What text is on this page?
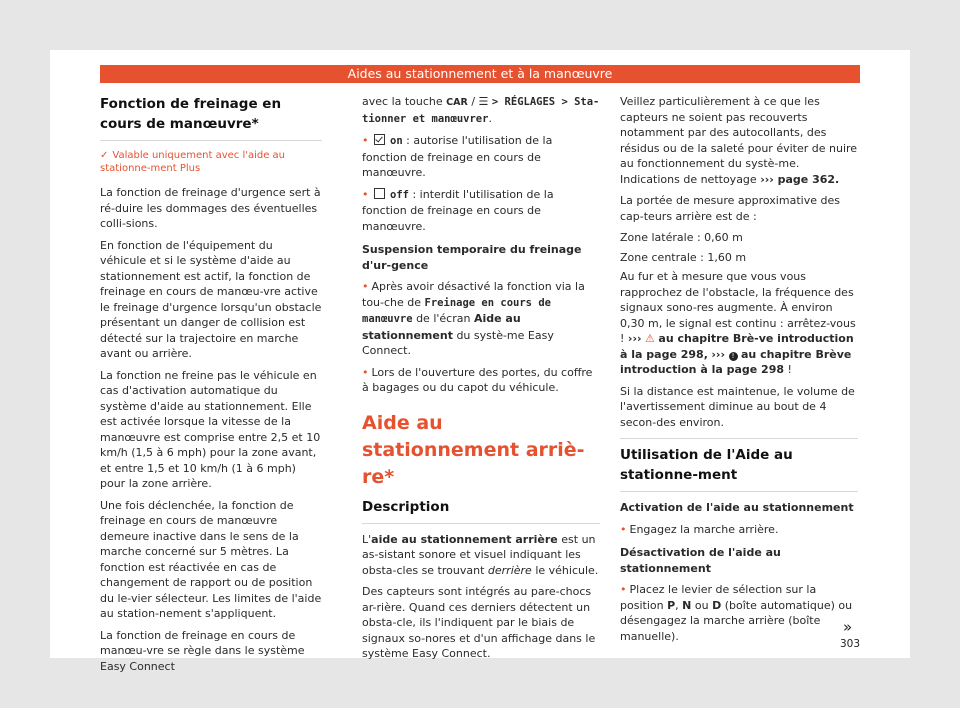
Aides au stationnement et à la manœuvre
Fonction de freinage en cours de manœuvre*

✓ Valable uniquement avec l'aide au stationne-ment Plus

La fonction de freinage d'urgence sert à ré-duire les dommages des éventuelles colli-sions.

En fonction de l'équipement du véhicule et si le système d'aide au stationnement est actif, la fonction de freinage en cours de manœu-vre active le freinage d'urgence lorsqu'un obstacle présentant un danger de collision est détecté sur la trajectoire en marche avant ou arrière.

La fonction ne freine pas le véhicule en cas d'activation automatique du système d'aide au stationnement. Elle est activée lorsque la vitesse de la manœuvre est comprise entre 2,5 et 10 km/h (1,5 à 6 mph) pour la zone avant, et entre 1,5 et 10 km/h (1 à 6 mph) pour la zone arrière.

Une fois déclenchée, la fonction de freinage en cours de manœuvre demeure inactive dans le sens de la marche concerné sur 5 mètres. La fonction est réactivée en cas de changement de rapport ou de position du le-vier sélecteur. Les limites de l'aide au station-nement s'appliquent.

La fonction de freinage en cours de manœu-vre se règle dans le système Easy Connect

avec la touche CAR / ☰ > RÉGLAGES > Sta-tionner et manœuvrer.

• on : autorise l'utilisation de la fonction de freinage en cours de manœuvre.

• off : interdit l'utilisation de la fonction de freinage en cours de manœuvre.

Suspension temporaire du freinage d'ur-gence

• Après avoir désactivé la fonction via la tou-che de Freinage en cours de manœuvre de l'écran Aide au stationnement du systè-me Easy Connect.

• Lors de l'ouverture des portes, du coffre à bagages ou du capot du véhicule.

Aide au stationnement arriè-re*
Description

L'aide au stationnement arrière est un as-sistant sonore et visuel indiquant les obsta-cles se trouvant derrière le véhicule.

Des capteurs sont intégrés au pare-chocs ar-rière. Quand ces derniers détectent un obsta-cle, ils l'indiquent par le biais de signaux so-nores et d'un affichage dans le système Easy Connect.

Veillez particulièrement à ce que les capteurs ne soient pas recouverts notamment par des autocollants, des résidus ou de la saleté pour éviter de nuire au fonctionnement du systè-me. Indications de nettoyage ››› page 362.

La portée de mesure approximative des cap-teurs arrière est de :

Zone latérale : 0,60 m

Zone centrale : 1,60 m

Au fur et à mesure que vous vous rapprochez de l'obstacle, la fréquence des signaux sono-res augmente. À environ 0,30 m, le signal est continu : arrêtez-vous ! ››› ⚠ au chapitre Brè-ve introduction à la page 298, ››› ! au chapitre Brève introduction à la page 298 !

Si la distance est maintenue, le volume de l'avertissement diminue au bout de 4 secon-des environ.

Utilisation de l'Aide au stationne-ment

Activation de l'aide au stationnement

• Engagez la marche arrière.

Désactivation de l'aide au stationnement

• Placez le levier de sélection sur la position P, N ou D (boîte automatique) ou désengagez la marche arrière (boîte manuelle).	»
303
